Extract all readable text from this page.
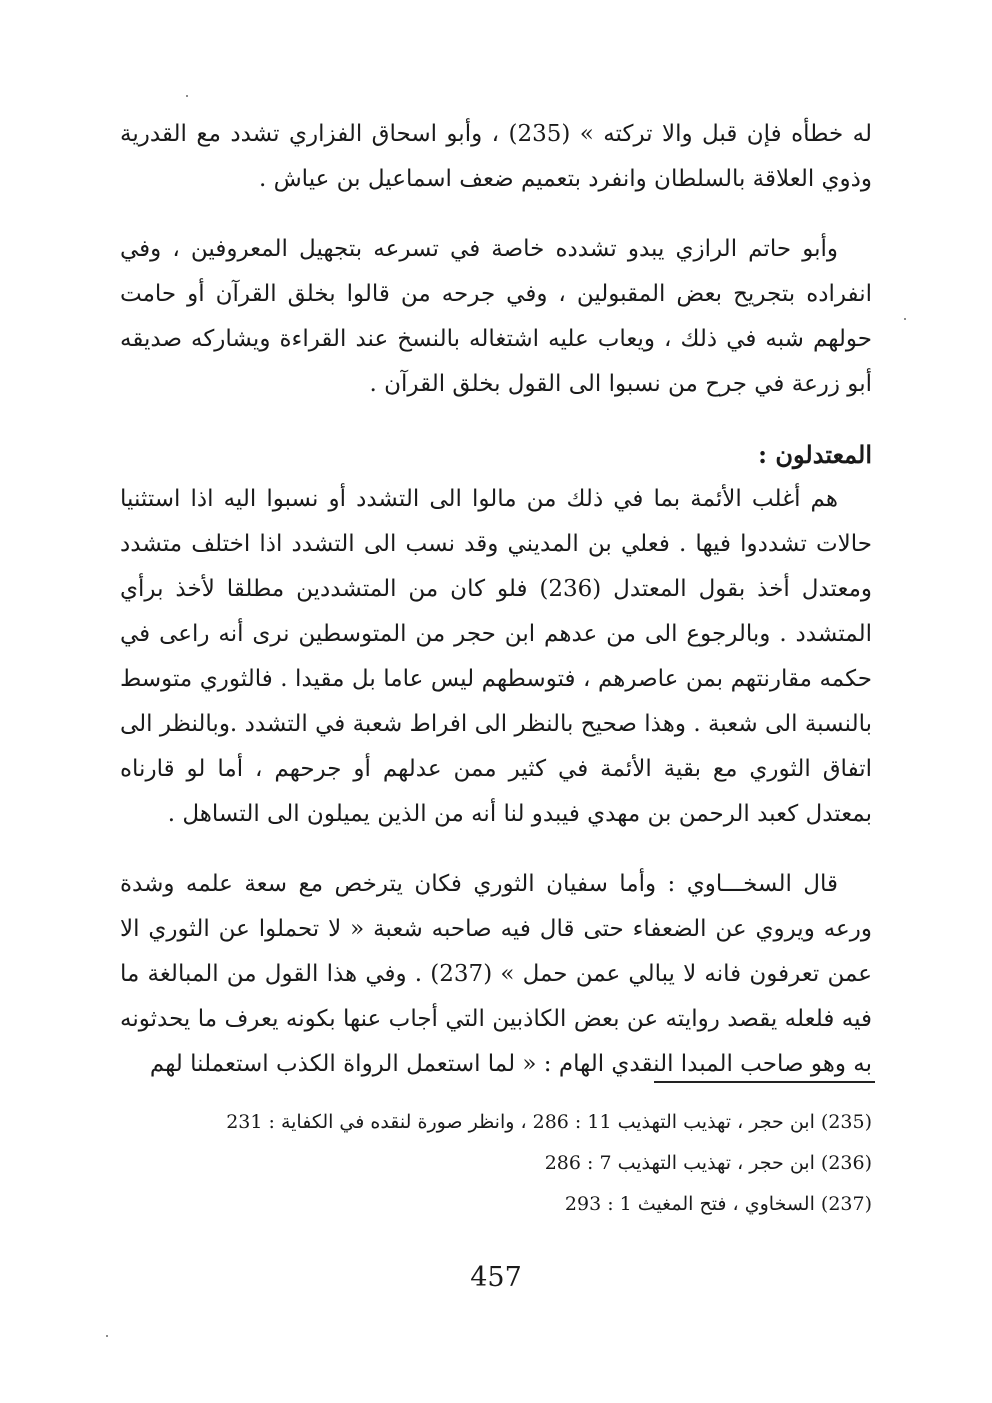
له خطأه فإن قبل والا تركته » (235) ، وأبو اسحاق الفزاري تشدد مع القدرية وذوي العلاقة بالسلطان وانفرد بتعميم ضعف اسماعيل بن عياش .

وأبو حاتم الرازي يبدو تشدده خاصة في تسرعه بتجهيل المعروفين ، وفي انفراده بتجريح بعض المقبولين ، وفي جرحه من قالوا بخلق القرآن أو حامت حولهم شبه في ذلك ، ويعاب عليه اشتغاله بالنسخ عند القراءة ويشاركه صديقه أبو زرعة في جرح من نسبوا الى القول بخلق القرآن .

المعتدلون :

هم أغلب الأئمة بما في ذلك من مالوا الى التشدد أو نسبوا اليه اذا استثنيا حالات تشددوا فيها . فعلي بن المديني وقد نسب الى التشدد اذا اختلف متشدد ومعتدل أخذ بقول المعتدل (236) فلو كان من المتشددين مطلقا لأخذ برأي المتشدد . وبالرجوع الى من عدهم ابن حجر من المتوسطين نرى أنه راعى في حكمه مقارنتهم بمن عاصرهم ، فتوسطهم ليس عاما بل مقيدا . فالثوري متوسط بالنسبة الى شعبة . وهذا صحيح بالنظر الى افراط شعبة في التشدد .وبالنظر الى اتفاق الثوري مع بقية الأئمة في كثير ممن عدلهم أو جرحهم ، أما لو قارناه بمعتدل كعبد الرحمن بن مهدي فيبدو لنا أنه من الذين يميلون الى التساهل .

قال السخـــاوي : وأما سفيان الثوري فكان يترخص مع سعة علمه وشدة ورعه ويروي عن الضعفاء حتى قال فيه صاحبه شعبة « لا تحملوا عن الثوري الا عمن تعرفون فانه لا يبالي عمن حمل » (237) . وفي هذا القول من المبالغة ما فيه فلعله يقصد روايته عن بعض الكاذبين التي أجاب عنها بكونه يعرف ما يحدثونه به وهو صاحب المبدا النقدي الهام : « لما استعمل الرواة الكذب استعملنا لهم

(235) ابن حجر ، تهذيب التهذيب 11 : 286 ، وانظر صورة لنقده في الكفاية : 231

(236) ابن حجر ، تهذيب التهذيب 7 : 286

(237) السخاوي ، فتح المغيث 1 : 293

457
